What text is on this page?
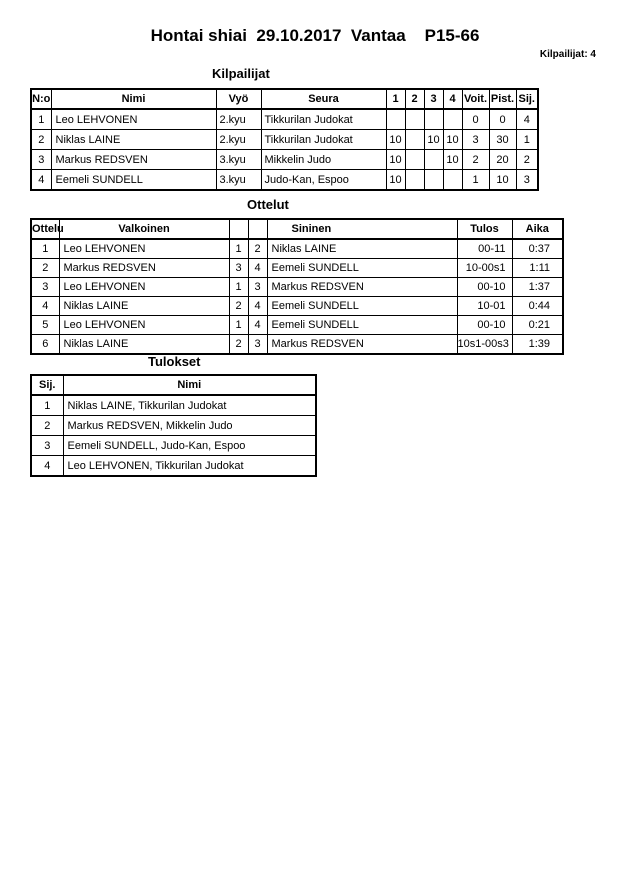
Hontai shiai  29.10.2017  Vantaa    P15-66
Kilpailijat: 4
Kilpailijat
N:o	Nimi	Vyö	Seura	1	2	3	4	Voit.	Pist.	Sij.
1	Leo LEHVONEN	2.kyu	Tikkurilan Judokat					0	0	4
2	Niklas LAINE	2.kyu	Tikkurilan Judokat	10		10	10	3	30	1
3	Markus REDSVEN	3.kyu	Mikkelin Judo	10			10	2	20	2
4	Eemeli SUNDELL	3.kyu	Judo-Kan, Espoo	10				1	10	3
Ottelut
Ottelu	Valkoinen			Sininen	Tulos	Aika
1	Leo LEHVONEN	1	2	Niklas LAINE	00-11	0:37
2	Markus REDSVEN	3	4	Eemeli SUNDELL	10-00s1	1:11
3	Leo LEHVONEN	1	3	Markus REDSVEN	00-10	1:37
4	Niklas LAINE	2	4	Eemeli SUNDELL	10-01	0:44
5	Leo LEHVONEN	1	4	Eemeli SUNDELL	00-10	0:21
6	Niklas LAINE	2	3	Markus REDSVEN	10s1-00s3	1:39
Tulokset
Sij.	Nimi
1	Niklas LAINE, Tikkurilan Judokat
2	Markus REDSVEN, Mikkelin Judo
3	Eemeli SUNDELL, Judo-Kan, Espoo
4	Leo LEHVONEN, Tikkurilan Judokat
